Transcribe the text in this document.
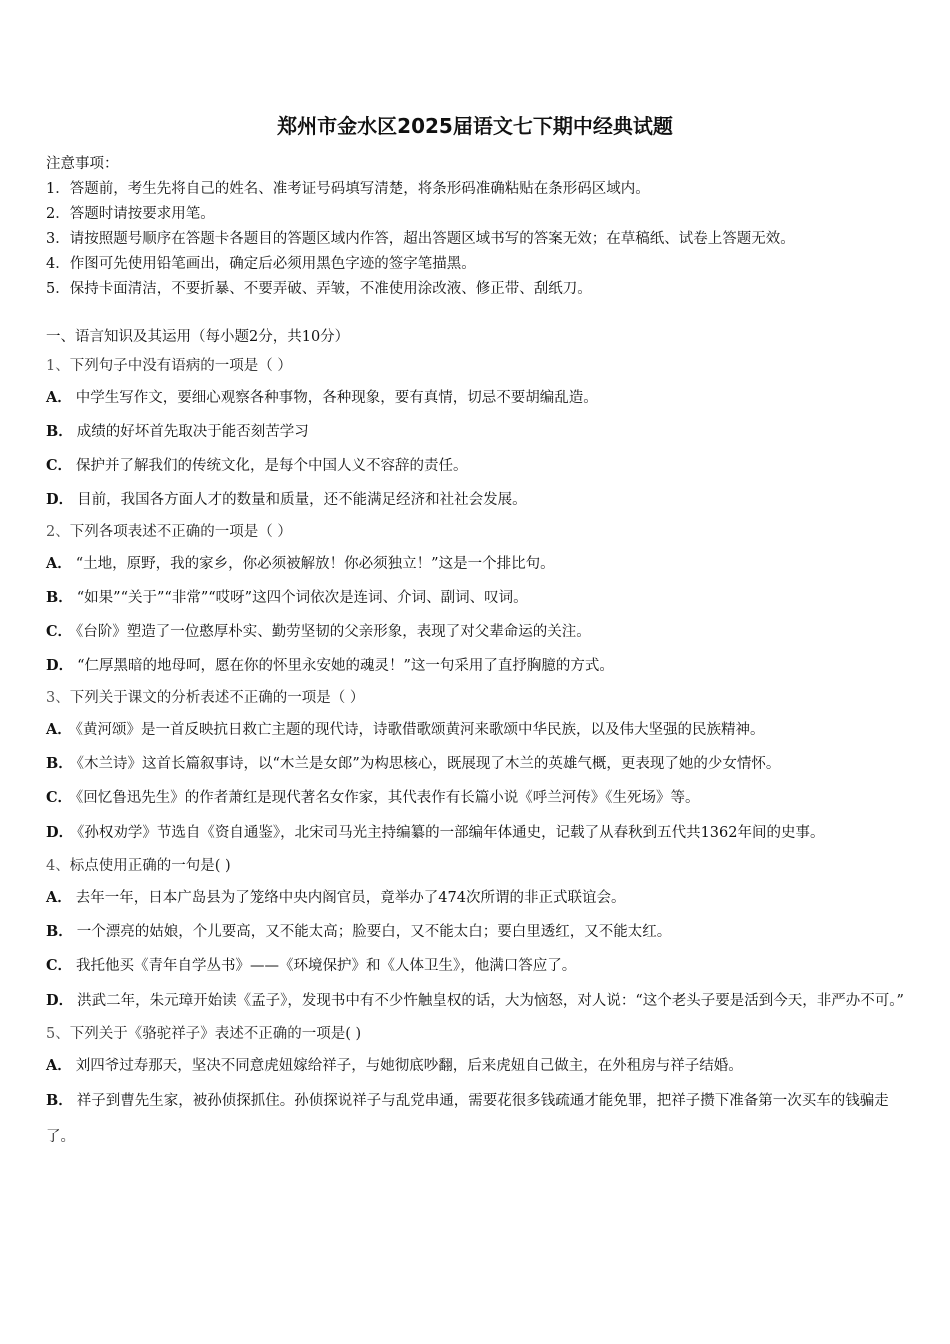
郑州市金水区2025届语文七下期中经典试题
注意事项：
1．答题前，考生先将自己的姓名、准考证号码填写清楚，将条形码准确粘贴在条形码区域内。
2．答题时请按要求用笔。
3．请按照题号顺序在答题卡各题目的答题区域内作答，超出答题区域书写的答案无效；在草稿纸、试卷上答题无效。
4．作图可先使用铅笔画出，确定后必须用黑色字迹的签字笔描黑。
5．保持卡面清洁，不要折暴、不要弄破、弄皱，不准使用涂改液、修正带、刮纸刀。
一、语言知识及其运用（每小题2分，共10分）
1、下列句子中没有语病的一项是（ ）
A． 中学生写作文，要细心观察各种事物，各种现象，要有真情，切忌不要胡编乱造。
B． 成绩的好坏首先取决于能否刻苦学习
C． 保护并了解我们的传统文化，是每个中国人义不容辞的责任。
D． 目前，我国各方面人才的数量和质量，还不能满足经济和社社会发展。
2、下列各项表述不正确的一项是（ ）
A． “土地，原野，我的家乡，你必须被解放！你必须独立！”这是一个排比句。
B． “如果”“关于”“非常”“哎呀”这四个词依次是连词、介词、副词、叹词。
C． 《台阶》塑造了一位憨厚朴实、勤劳坚韧的父亲形象，表现了对父辈命运的关注。
D． “仁厚黑暗的地母呵，愿在你的怀里永安她的魂灵！”这一句采用了直抒胸臆的方式。
3、下列关于课文的分析表述不正确的一项是（ ）
A． 《黄河颂》是一首反映抗日救亡主题的现代诗，诗歌借歌颂黄河来歌颂中华民族，以及伟大坚强的民族精神。
B． 《木兰诗》这首长篇叙事诗，以“木兰是女郎”为构思核心，既展现了木兰的英雄气概，更表现了她的少女情怀。
C． 《回忆鲁迅先生》的作者萧红是现代著名女作家，其代表作有长篇小说《呼兰河传》《生死场》等。
D． 《孙权劝学》节选自《资自通鉴》，北宋司马光主持编纂的一部编年体通史，记载了从春秋到五代共1362年间的史事。
4、标点使用正确的一句是( )
A． 去年一年，日本广岛县为了笼络中央内阁官员，竟举办了474次所谓的非正式联谊会。
B． 一个漂亮的姑娘，个儿要高，又不能太高；脸要白，又不能太白；要白里透红，又不能太红。
C． 我托他买《青年自学丛书》——《环境保护》和《人体卫生》，他满口答应了。
D． 洪武二年，朱元璋开始读《孟子》，发现书中有不少忤触皇权的话，大为恼怒，对人说：“这个老头子要是活到今天，非严办不可。”
5、下列关于《骆驼祥子》表述不正确的一项是( )
A． 刘四爷过寿那天，坚决不同意虎妞嫁给祥子，与她彻底吵翻，后来虎妞自己做主，在外租房与祥子结婚。
B． 祥子到曹先生家，被孙侦探抓住。孙侦探说祥子与乱党串通，需要花很多钱疏通才能免罪，把祥子攒下准备第一次买车的钱骗走了。
